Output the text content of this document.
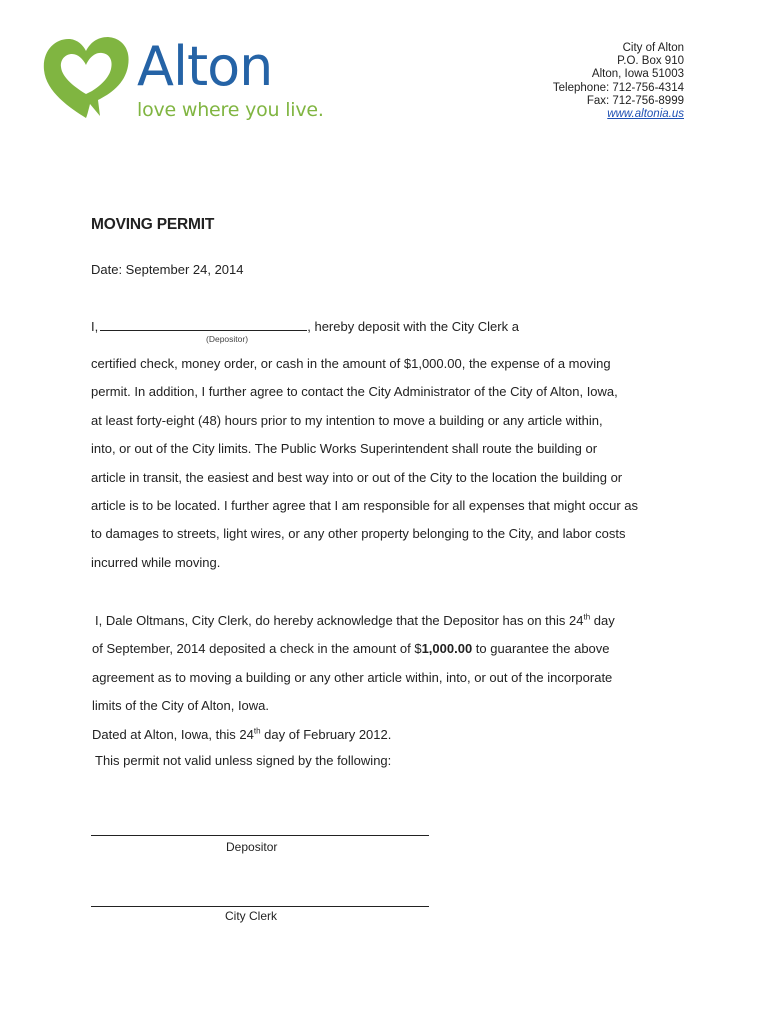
Alton
love where you live.
City of Alton
P.O. Box 910
Alton, Iowa 51003
Telephone: 712-756-4314
Fax: 712-756-8999
www.altonia.us
MOVING PERMIT
Date: September 24, 2014
I,	, hereby deposit with the City Clerk a
(Depositor)
certified check, money order, or cash in the amount of $1,000.00, the expense of a moving
permit. In addition, I further agree to contact the City Administrator of the City of Alton, Iowa,
at least forty-eight (48) hours prior to my intention to move a building or any article within,
into, or out of the City limits. The Public Works Superintendent shall route the building or
article in transit, the easiest and best way into or out of the City to the location the building or
article is to be located. I further agree that I am responsible for all expenses that might occur as
to damages to streets, light wires, or any other property belonging to the City, and labor costs
incurred while moving.
I, Dale Oltmans, City Clerk, do hereby acknowledge that the Depositor has on this 24th day
of September, 2014 deposited a check in the amount of $1,000.00 to guarantee the above
agreement as to moving a building or any other article within, into, or out of the incorporate
limits of the City of Alton, Iowa.
Dated at Alton, Iowa, this 24th day of February 2012.
This permit not valid unless signed by the following:
Depositor
City Clerk
